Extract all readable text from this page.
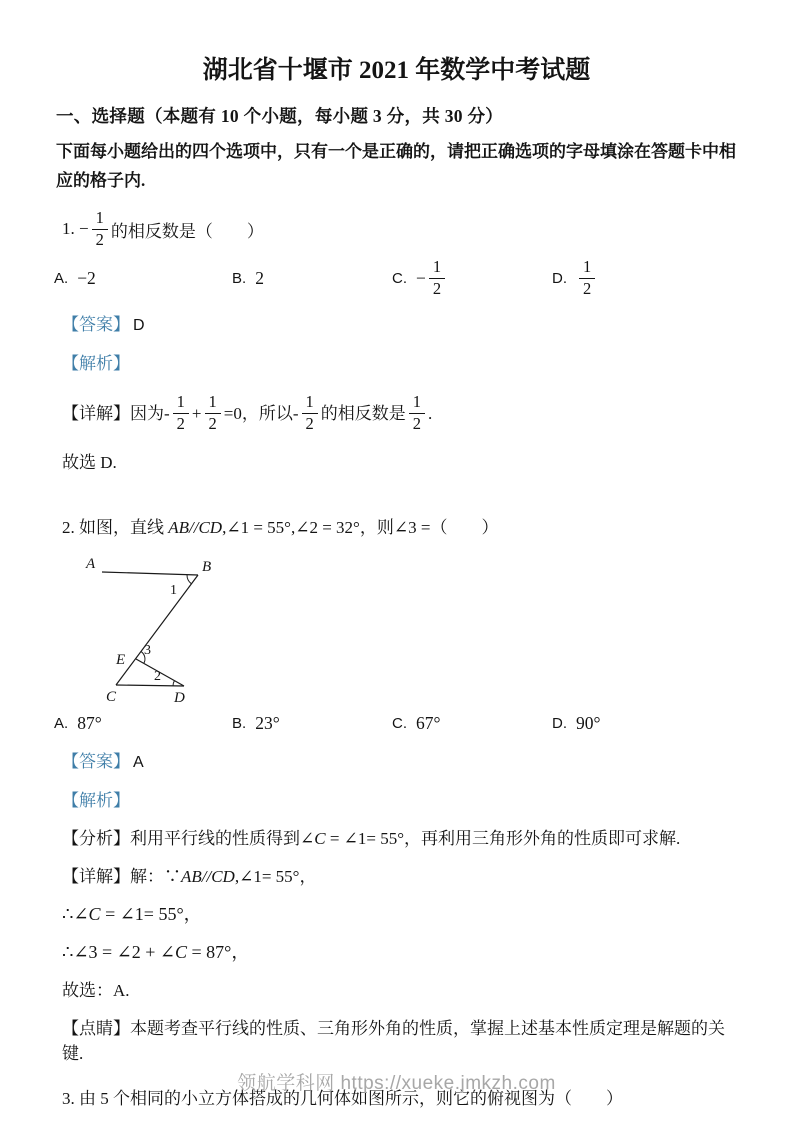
湖北省十堰市 2021 年数学中考试题
一、选择题（本题有 10 个小题，每小题 3 分，共 30 分）

下面每小题给出的四个选项中，只有一个是正确的，请把正确选项的字母填涂在答题卡中相应的格子内.

1.
− $\frac{1}{2}$ 的相反数是（　　）
A. −2	B. 2	C. − $\frac{1}{2}$	D. $\frac{1}{2}$
【答案】 D
【解析】
【详解】 因为- $\frac{1}{2} + \frac{1}{2} =0$，所以- $\frac{1}{2}$ 的相反数是 $\frac{1}{2}$ .
故选 D.
2. 如图，直线 AB//CD,∠1 = 55°,∠2 = 32°，则∠3 =（　　）
A	B
C	D
E
1
2
3
A. 87°	B. 23°	C. 67°	D. 90°
【答案】 A
【解析】
【分析】利用平行线的性质得到∠C = ∠1= 55°，再利用三角形外角的性质即可求解.
【详解】解：∵AB//CD,∠1= 55°，
∴∠C = ∠1= 55°，
∴∠3 = ∠2 + ∠C = 87°，
故选：A.
【点睛】本题考查平行线的性质、三角形外角的性质，掌握上述基本性质定理是解题的关键.
3. 由 5 个相同的小立方体搭成的几何体如图所示，则它的俯视图为（　　）
领航学科网 https://xueke.jmkzh.com
